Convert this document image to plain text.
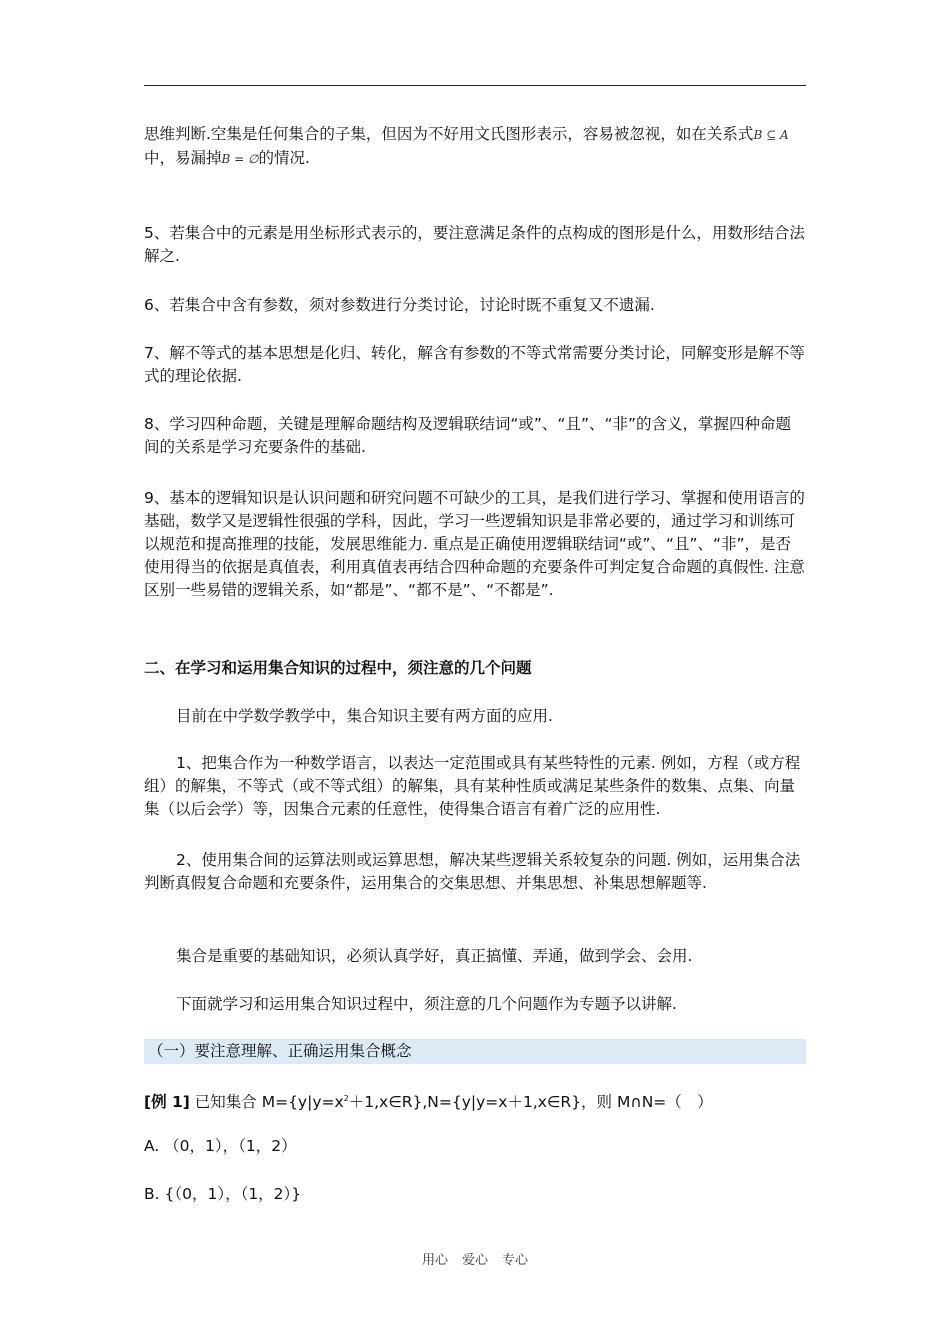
思维判断.空集是任何集合的子集，但因为不好用文氏图形表示，容易被忽视，如在关系式B ⊆ A中，易漏掉B = ∅的情况.

5、若集合中的元素是用坐标形式表示的，要注意满足条件的点构成的图形是什么，用数形结合法解之.

6、若集合中含有参数，须对参数进行分类讨论，讨论时既不重复又不遗漏.

7、解不等式的基本思想是化归、转化，解含有参数的不等式常需要分类讨论，同解变形是解不等式的理论依据.

8、学习四种命题，关键是理解命题结构及逻辑联结词“或”、“且”、“非”的含义，掌握四种命题间的关系是学习充要条件的基础.

9、基本的逻辑知识是认识问题和研究问题不可缺少的工具，是我们进行学习、掌握和使用语言的基础，数学又是逻辑性很强的学科，因此，学习一些逻辑知识是非常必要的，通过学习和训练可以规范和提高推理的技能，发展思维能力. 重点是正确使用逻辑联结词“或”、“且”、“非”，是否使用得当的依据是真值表，利用真值表再结合四种命题的充要条件可判定复合命题的真假性. 注意区别一些易错的逻辑关系，如“都是”、“都不是”、“不都是”.

二、在学习和运用集合知识的过程中，须注意的几个问题

目前在中学数学教学中，集合知识主要有两方面的应用.

1、把集合作为一种数学语言，以表达一定范围或具有某些特性的元素. 例如，方程（或方程组）的解集，不等式（或不等式组）的解集，具有某种性质或满足某些条件的数集、点集、向量集（以后会学）等，因集合元素的任意性，使得集合语言有着广泛的应用性.

2、使用集合间的运算法则或运算思想，解决某些逻辑关系较复杂的问题. 例如，运用集合法判断真假复合命题和充要条件，运用集合的交集思想、并集思想、补集思想解题等.

集合是重要的基础知识，必须认真学好，真正搞懂、弄通，做到学会、会用.

下面就学习和运用集合知识过程中，须注意的几个问题作为专题予以讲解.

（一）要注意理解、正确运用集合概念

[例 1] 已知集合 $M=\{y|y=x^2+1,x\in R\},N=\{y|y=x+1,x\in R\}$，则 M∩N=（　）

A. （0，1），（1，2）

B. {（0，1），（1，2）}

用心 爱心 专心
